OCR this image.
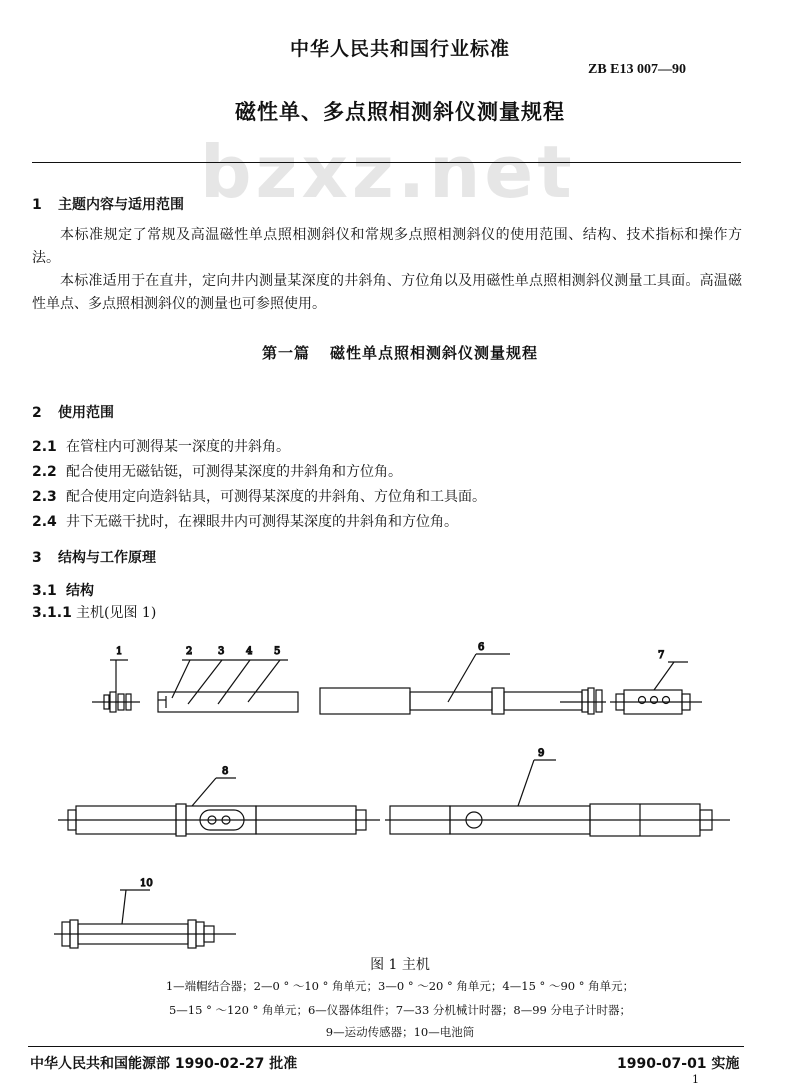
bzxz.net
中华人民共和国行业标准
ZB E13 007—90
磁性单、多点照相测斜仪测量规程
1 主题内容与适用范围
本标准规定了常规及高温磁性单点照相测斜仪和常规多点照相测斜仪的使用范围、结构、技术指标和操作方法。
本标准适用于在直井，定向井内测量某深度的井斜角、方位角以及用磁性单点照相测斜仪测量工具面。高温磁性单点、多点照相测斜仪的测量也可参照使用。
第一篇 磁性单点照相测斜仪测量规程
2 使用范围
2.1 在管柱内可测得某一深度的井斜角。
2.2 配合使用无磁钻铤，可测得某深度的井斜角和方位角。
2.3 配合使用定向造斜钻具，可测得某深度的井斜角、方位角和工具面。
2.4 井下无磁干扰时，在裸眼井内可测得某深度的井斜角和方位角。
3 结构与工作原理
3.1 结构
3.1.1 主机(见图 1)
1	2	3 4 5	6
7
8
9
10
图 1 主机
1—端帽结合器；2—0 ° ～10 ° 角单元；3—0 ° ～20 ° 角单元；4—15 ° ～90 ° 角单元；
5—15 ° ～120 ° 角单元；6—仪器体组件；7—33 分机械计时器；8—99 分电子计时器；
9—运动传感器；10—电池筒
中华人民共和国能源部 1990-02-27 批准	1990-07-01 实施
1
